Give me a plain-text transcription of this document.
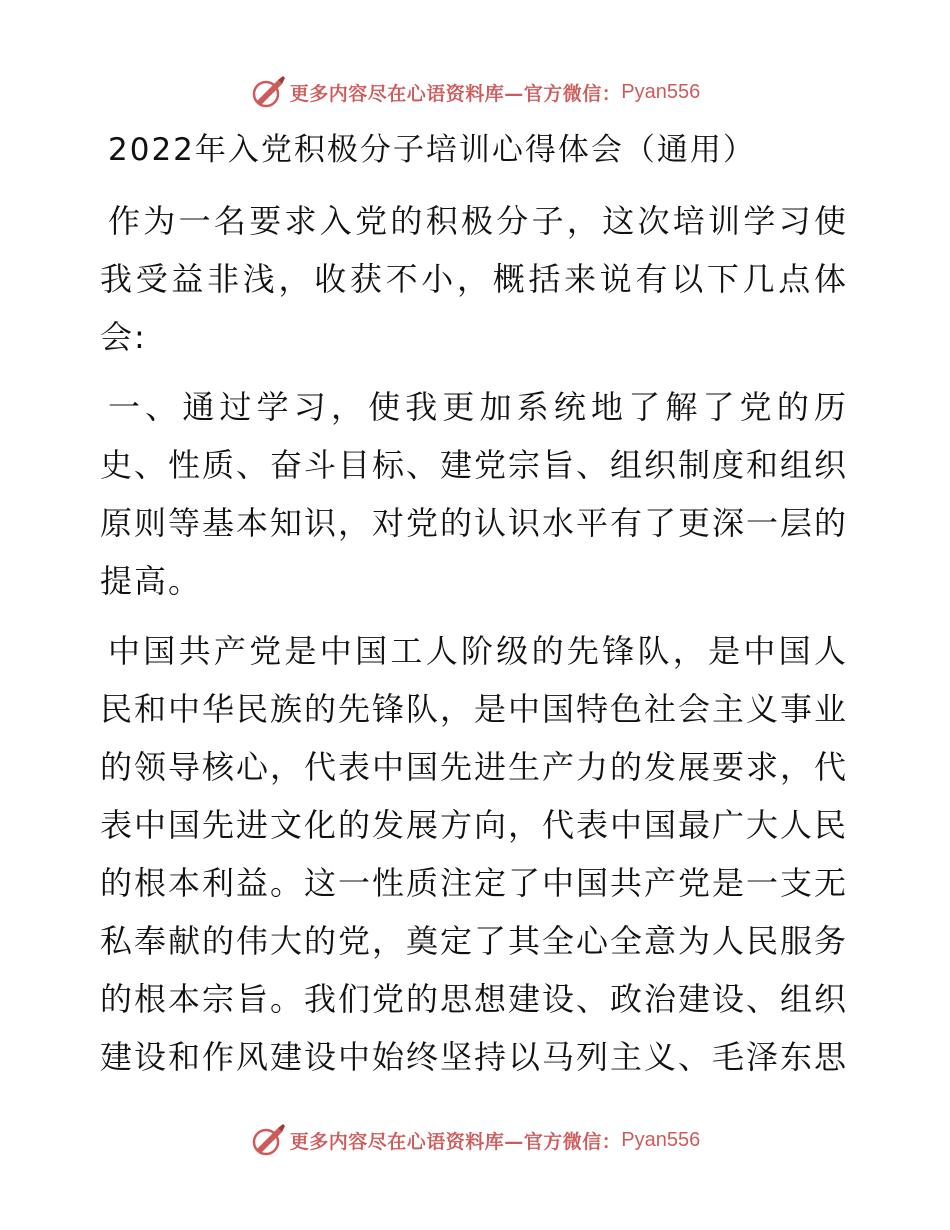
更多内容尽在心语资料库—官方微信： Pyan556
2022年入党积极分子培训心得体会（通用）

作为一名要求入党的积极分子，这次培训学习使我受益非浅，收获不小，概括来说有以下几点体会:

一、通过学习，使我更加系统地了解了党的历史、性质、奋斗目标、建党宗旨、组织制度和组织原则等基本知识，对党的认识水平有了更深一层的提高。

中国共产党是中国工人阶级的先锋队，是中国人民和中华民族的先锋队，是中国特色社会主义事业的领导核心，代表中国先进生产力的发展要求，代表中国先进文化的发展方向，代表中国最广大人民的根本利益。这一性质注定了中国共产党是一支无私奉献的伟大的党，奠定了其全心全意为人民服务的根本宗旨。我们党的思想建设、政治建设、组织建设和作风建设中始终坚持以马列主义、毛泽东思

更多内容尽在心语资料库—官方微信： Pyan556
